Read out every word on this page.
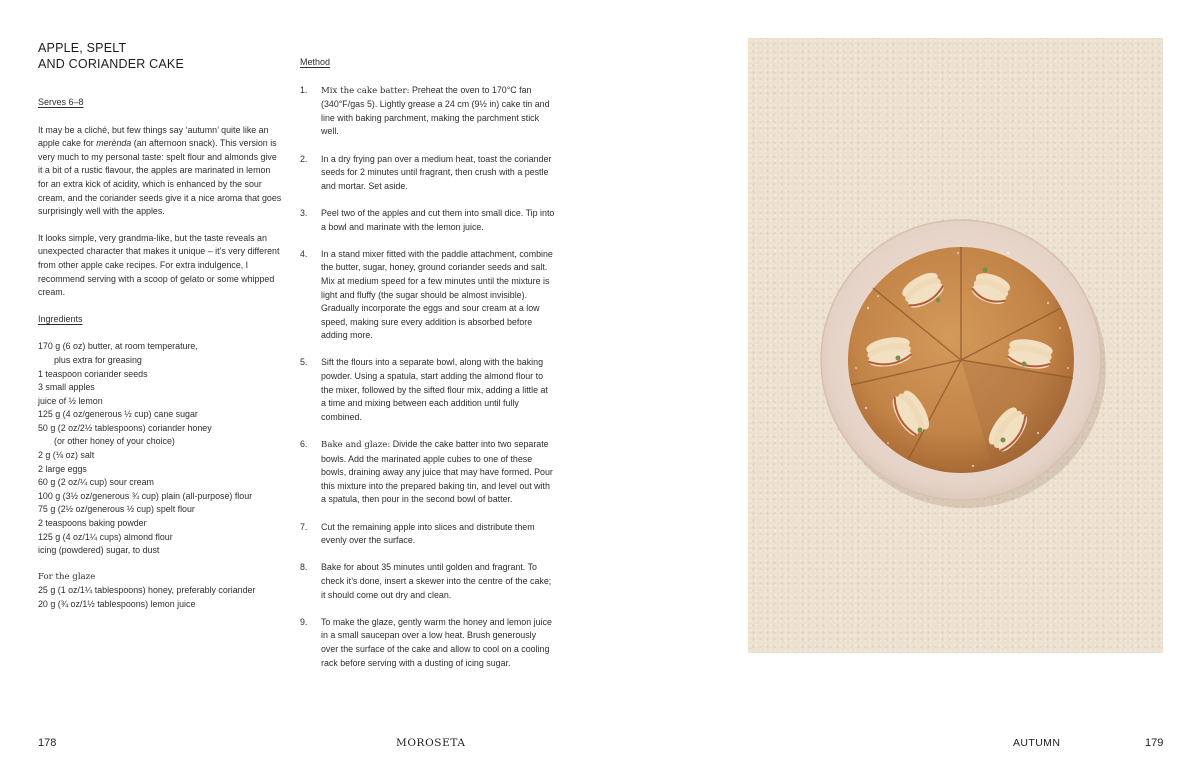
APPLE, SPELT
AND CORIANDER CAKE

Serves 6–8

It may be a cliché, but few things say ‘autumn’ quite like an apple cake for merènda (an afternoon snack). This version is very much to my personal taste: spelt flour and almonds give it a bit of a rustic flavour, the apples are marinated in lemon for an extra kick of acidity, which is enhanced by the sour cream, and the coriander seeds give it a nice aroma that goes surprisingly well with the apples.

It looks simple, very grandma-like, but the taste reveals an unexpected character that makes it unique – it’s very different from other apple cake recipes. For extra indulgence, I recommend serving with a scoop of gelato or some whipped cream.

Ingredients

170 g (6 oz) butter, at room temperature,
plus extra for greasing
1 teaspoon coriander seeds
3 small apples
juice of ½ lemon
125 g (4 oz/generous ½ cup) cane sugar
50 g (2 oz/2½ tablespoons) coriander honey
(or other honey of your choice)
2 g (⅛ oz) salt
2 large eggs
60 g (2 oz/¼ cup) sour cream
100 g (3½ oz/generous ¾ cup) plain (all-purpose) flour
75 g (2½ oz/generous ½ cup) spelt flour
2 teaspoons baking powder
125 g (4 oz/1¼ cups) almond flour
icing (powdered) sugar, to dust

For the glaze

25 g (1 oz/1¼ tablespoons) honey, preferably coriander
20 g (¾ oz/1½ tablespoons) lemon juice

Method

1. Mix the cake batter: Preheat the oven to 170°C fan (340°F/gas 5). Lightly grease a 24 cm (9½ in) cake tin and line with baking parchment, making the parchment stick well.
2. In a dry frying pan over a medium heat, toast the coriander seeds for 2 minutes until fragrant, then crush with a pestle and mortar. Set aside.
3. Peel two of the apples and cut them into small dice. Tip into a bowl and marinate with the lemon juice.
4. In a stand mixer fitted with the paddle attachment, combine the butter, sugar, honey, ground coriander seeds and salt. Mix at medium speed for a few minutes until the mixture is light and fluffy (the sugar should be almost invisible). Gradually incorporate the eggs and sour cream at a low speed, making sure every addition is absorbed before adding more.
5. Sift the flours into a separate bowl, along with the baking powder. Using a spatula, start adding the almond flour to the mixer, followed by the sifted flour mix, adding a little at a time and mixing between each addition until fully combined.
6. Bake and glaze: Divide the cake batter into two separate bowls. Add the marinated apple cubes to one of these bowls, draining away any juice that may have formed. Pour this mixture into the prepared baking tin, and level out with a spatula, then pour in the second bowl of batter.
7. Cut the remaining apple into slices and distribute them evenly over the surface.
8. Bake for about 35 minutes until golden and fragrant. To check it’s done, insert a skewer into the centre of the cake; it should come out dry and clean.
9. To make the glaze, gently warm the honey and lemon juice in a small saucepan over a low heat. Brush generously over the surface of the cake and allow to cool on a cooling rack before serving with a dusting of icing sugar.
178	MOROSETA	AUTUMN	179
